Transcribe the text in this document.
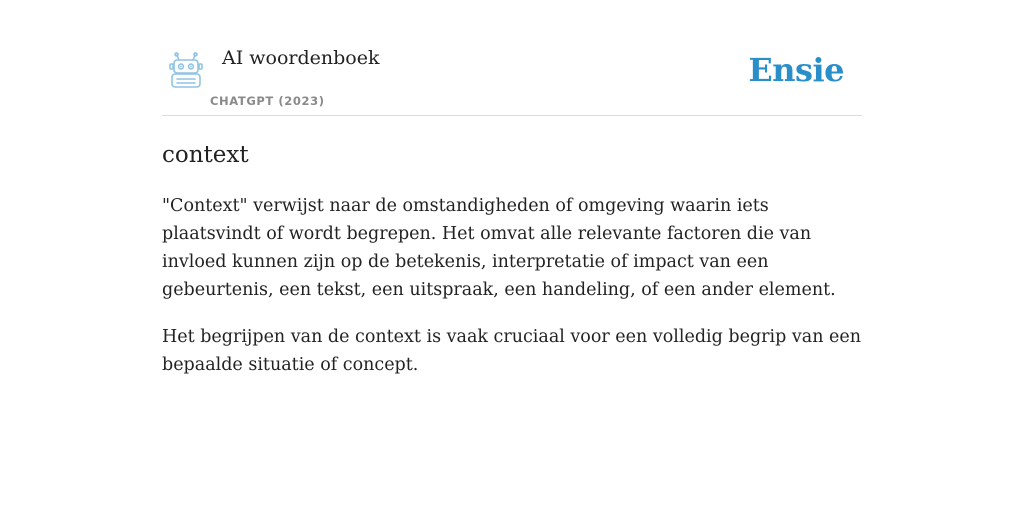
AI woordenboek
CHATGPT (2023)
Ensie
context

"Context" verwijst naar de omstandigheden of omgeving waarin iets plaatsvindt of wordt begrepen. Het omvat alle relevante factoren die van invloed kunnen zijn op de betekenis, interpretatie of impact van een gebeurtenis, een tekst, een uitspraak, een handeling, of een ander element.

Het begrijpen van de context is vaak cruciaal voor een volledig begrip van een bepaalde situatie of concept.
